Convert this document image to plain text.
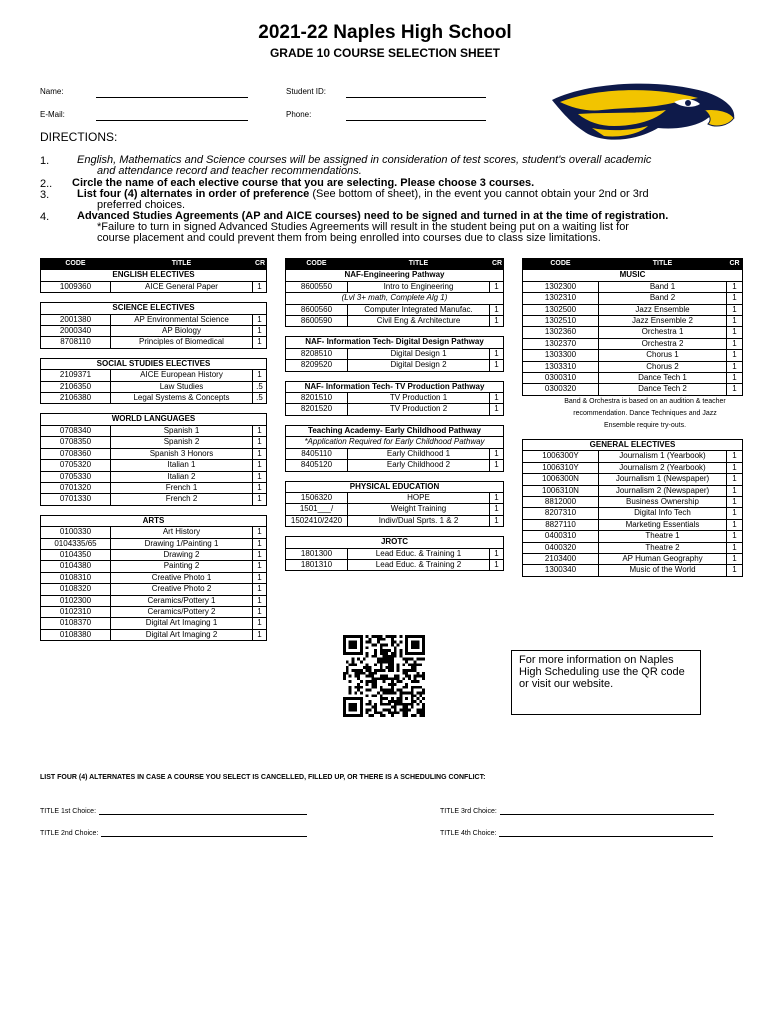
2021-22 Naples High School
GRADE 10 COURSE SELECTION SHEET
Name:	Student ID:
E-Mail:	Phone:
DIRECTIONS:
1.	English, Mathematics and Science courses will be assigned in consideration of test scores, student's overall academic
and attendance record and teacher recommendations.
2.. Circle the name of each elective course that you are selecting. Please choose 3 courses.
3.	List four (4) alternates in order of preference (See bottom of sheet), in the event you cannot obtain your 2nd or 3rd
preferred choices.
4.	Advanced Studies Agreements (AP and AICE courses) need to be signed and turned in at the time of registration.
*Failure to turn in signed Advanced Studies Agreements will result in the student being put on a waiting list for
course placement and could prevent them from being enrolled into courses due to class size limitations.
CODE	TITLE	CR
ENGLISH ELECTIVES		
1009360	AICE General Paper	1

SCIENCE ELECTIVES		
2001380	AP Environmental Science	1
2000340	AP Biology	1
8708110	Principles of Biomedical	1

SOCIAL STUDIES ELECTIVES		
2109371	AICE European History	1
2106350	Law Studies	.5
2106380	Legal Systems & Concepts	.5

WORLD LANGUAGES		
0708340	Spanish 1	1
0708350	Spanish 2	1
0708360	Spanish 3 Honors	1
0705320	Italian 1	1
0705330	Italian 2	1
0701320	French 1	1
0701330	French 2	1

ARTS		
0100330	Art History	1
0104335/65	Drawing 1/Painting 1	1
0104350	Drawing 2	1
0104380	Painting 2	1
0108310	Creative Photo 1	1
0108320	Creative Photo 2	1
0102300	Ceramics/Pottery 1	1
0102310	Ceramics/Pottery 2	1
0108370	Digital Art Imaging 1	1
0108380	Digital Art Imaging 2	1
CODE	TITLE	CR
NAF-Engineering Pathway		
8600550	Intro to Engineering	1
(Lvl 3+ math, Complete Alg 1)		
8600560	Computer Integrated Manufac.	1
8600590	Civil Eng & Architecture	1

NAF- Information Tech- Digital Design Pathway		
8208510	Digital Design 1	1
8209520	Digital Design 2	1

NAF- Information Tech- TV Production Pathway		
8201510	TV Production 1	1
8201520	TV Production 2	1

Teaching Academy- Early Childhood Pathway		
*Application Required for Early Childhood Pathway		
8405110	Early Childhood 1	1
8405120	Early Childhood 2	1

PHYSICAL EDUCATION		
1506320	HOPE	1
1501___/	Weight Training	1
1502410/2420	Indiv/Dual Sprts. 1 & 2	1

JROTC		
1801300	Lead Educ. & Training 1	1
1801310	Lead Educ. & Training 2	1
CODE	TITLE	CR
MUSIC		
1302300	Band 1	1
1302310	Band 2	1
1302500	Jazz Ensemble	1
1302510	Jazz Ensemble 2	1
1302360	Orchestra 1	1
1302370	Orchestra 2	1
1303300	Chorus 1	1
1303310	Chorus 2	1
0300310	Dance Tech 1	1
0300320	Dance Tech 2	1

GENERAL ELECTIVES		
1006300Y	Journalism 1 (Yearbook)	1
1006310Y	Journalism 2 (Yearbook)	1
1006300N	Journalism 1 (Newspaper)	1
1006310N	Journalism 2 (Newspaper)	1
8812000	Business Ownership	1
8207310	Digital Info Tech	1
8827110	Marketing Essentials	1
0400310	Theatre 1	1
0400320	Theatre 2	1
2103400	AP Human Geography	1
1300340	Music of the World	1
Band & Orchestra is based on an audition & teacher recommendation. Dance Techniques and Jazz Ensemble require try-outs.
For more information on Naples High Scheduling use the QR code or visit our website.
LIST FOUR (4) ALTERNATES IN CASE A COURSE YOU SELECT IS CANCELLED, FILLED UP, OR THERE IS A SCHEDULING CONFLICT:
TITLE 1st Choice:
TITLE 2nd Choice:
TITLE 3rd Choice:
TITLE 4th Choice:
